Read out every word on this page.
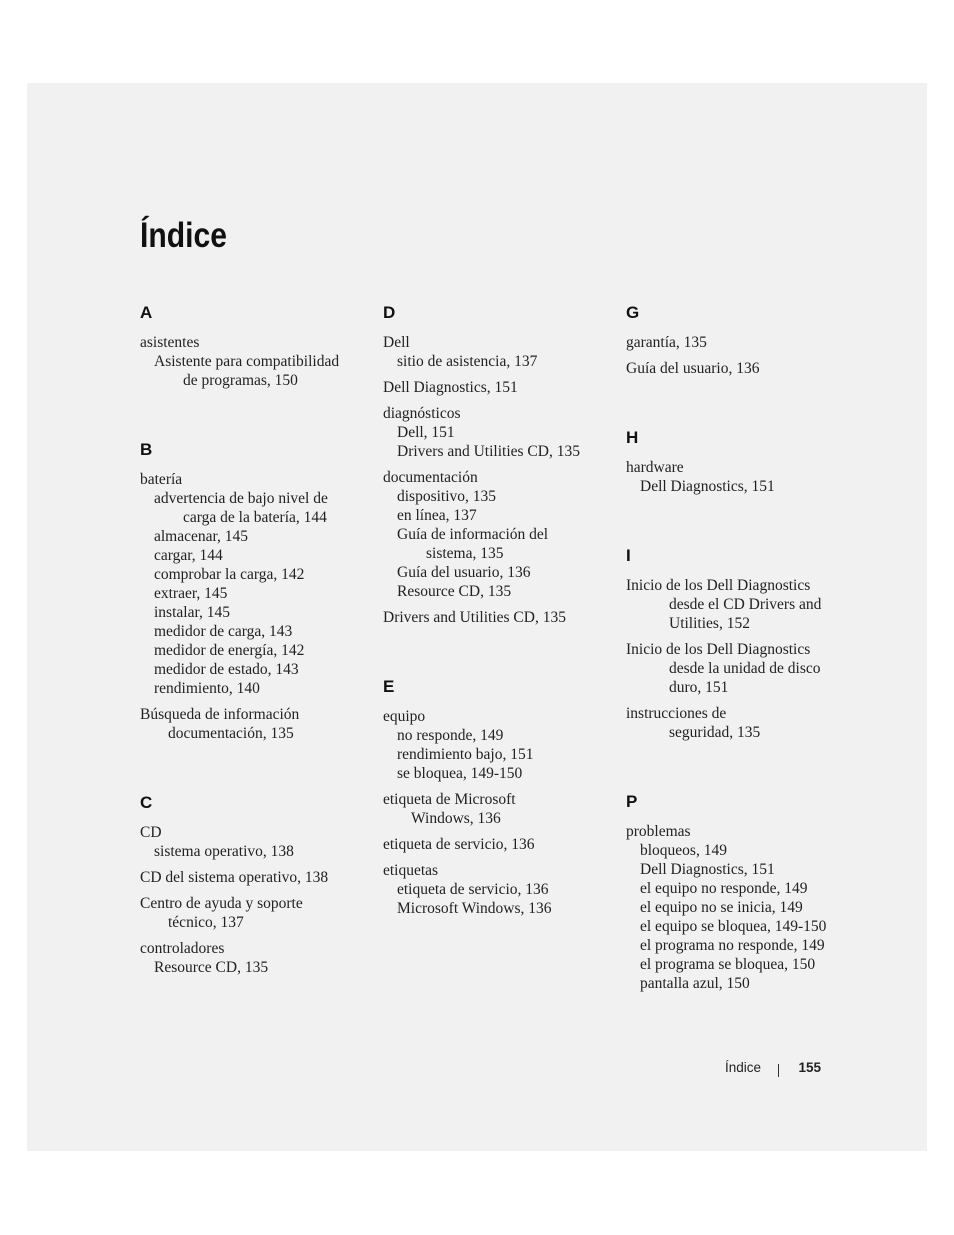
Índice
A
asistentes
Asistente para compatibilidad
de programas, 150
B
batería
advertencia de bajo nivel de
carga de la batería, 144
almacenar, 145
cargar, 144
comprobar la carga, 142
extraer, 145
instalar, 145
medidor de carga, 143
medidor de energía, 142
medidor de estado, 143
rendimiento, 140
Búsqueda de información
documentación, 135
C
CD
sistema operativo, 138
CD del sistema operativo, 138
Centro de ayuda y soporte
técnico, 137
controladores
Resource CD, 135
D
Dell
sitio de asistencia, 137
Dell Diagnostics, 151
diagnósticos
Dell, 151
Drivers and Utilities CD, 135
documentación
dispositivo, 135
en línea, 137
Guía de información del
sistema, 135
Guía del usuario, 136
Resource CD, 135
Drivers and Utilities CD, 135
E
equipo
no responde, 149
rendimiento bajo, 151
se bloquea, 149-150
etiqueta de Microsoft
Windows, 136
etiqueta de servicio, 136
etiquetas
etiqueta de servicio, 136
Microsoft Windows, 136
G
garantía, 135
Guía del usuario, 136
H
hardware
Dell Diagnostics, 151
I
Inicio de los Dell Diagnostics
desde el CD Drivers and
Utilities, 152
Inicio de los Dell Diagnostics
desde la unidad de disco
duro, 151
instrucciones de
seguridad, 135
P
problemas
bloqueos, 149
Dell Diagnostics, 151
el equipo no responde, 149
el equipo no se inicia, 149
el equipo se bloquea, 149-150
el programa no responde, 149
el programa se bloquea, 150
pantalla azul, 150
Índice	155
